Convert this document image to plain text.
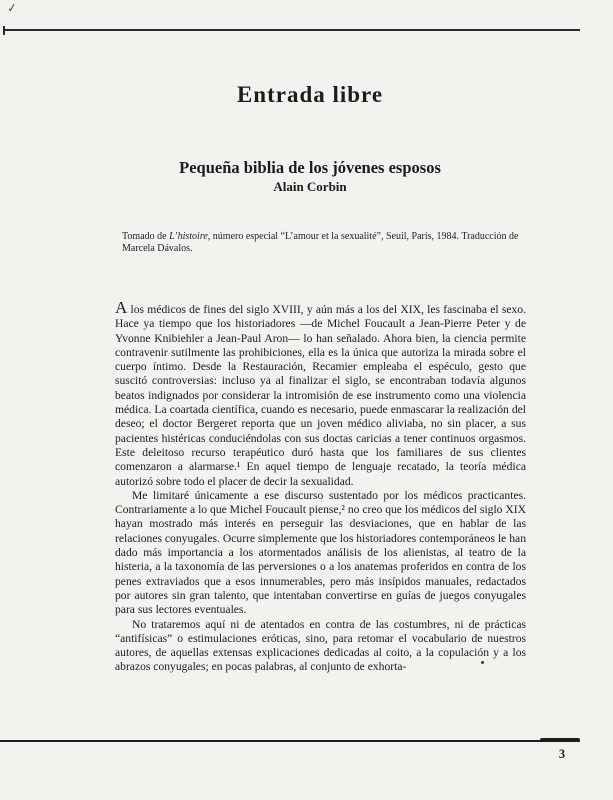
✓
Entrada libre
Pequeña biblia de los jóvenes esposos
Alain Corbin

Tomado de L’histoire, número especial “L’amour et la sexualité”, Seuil, París, 1984. Traducción de Marcela Dávalos.

A los médicos de fines del siglo XVIII, y aún más a los del XIX, les fascinaba el sexo. Hace ya tiempo que los historiadores —de Michel Foucault a Jean-Pierre Peter y de Yvonne Knibiehler a Jean-Paul Aron— lo han señalado. Ahora bien, la ciencia permite contravenir sutilmente las prohibiciones, ella es la única que autoriza la mirada sobre el cuerpo íntimo. Desde la Restauración, Recamier empleaba el espéculo, gesto que suscitó controversias: incluso ya al finalizar el siglo, se encontraban todavía algunos beatos indignados por considerar la intromisión de ese instrumento como una violencia médica. La coartada científica, cuando es necesario, puede enmascarar la realización del deseo; el doctor Bergeret reporta que un joven médico aliviaba, no sin placer, a sus pacientes histéricas conduciéndolas con sus doctas caricias a tener continuos orgasmos. Este deleitoso recurso terapéutico duró hasta que los familiares de sus clientes comenzaron a alarmarse.¹ En aquel tiempo de lenguaje recatado, la teoría médica autorizó sobre todo el placer de decir la sexualidad.

Me limitaré únicamente a ese discurso sustentado por los médicos practicantes. Contrariamente a lo que Michel Foucault piense,² no creo que los médicos del siglo XIX hayan mostrado más interés en perseguir las desviaciones, que en hablar de las relaciones conyugales. Ocurre simplemente que los historiadores contemporáneos le han dado más importancia a los atormentados análisis de los alienistas, al teatro de la histeria, a la taxonomía de las perversiones o a los anatemas proferidos en contra de los penes extraviados que a esos innumerables, pero más insípidos manuales, redactados por autores sin gran talento, que intentaban convertirse en guías de juegos conyugales para sus lectores eventuales.

No trataremos aquí ni de atentados en contra de las costumbres, ni de prácticas “antifísicas” o estimulaciones eróticas, sino, para retomar el vocabulario de nuestros autores, de aquellas extensas explicaciones dedicadas al coito, a la copulación y a los abrazos conyugales; en pocas palabras, al conjunto de exhorta-

3
